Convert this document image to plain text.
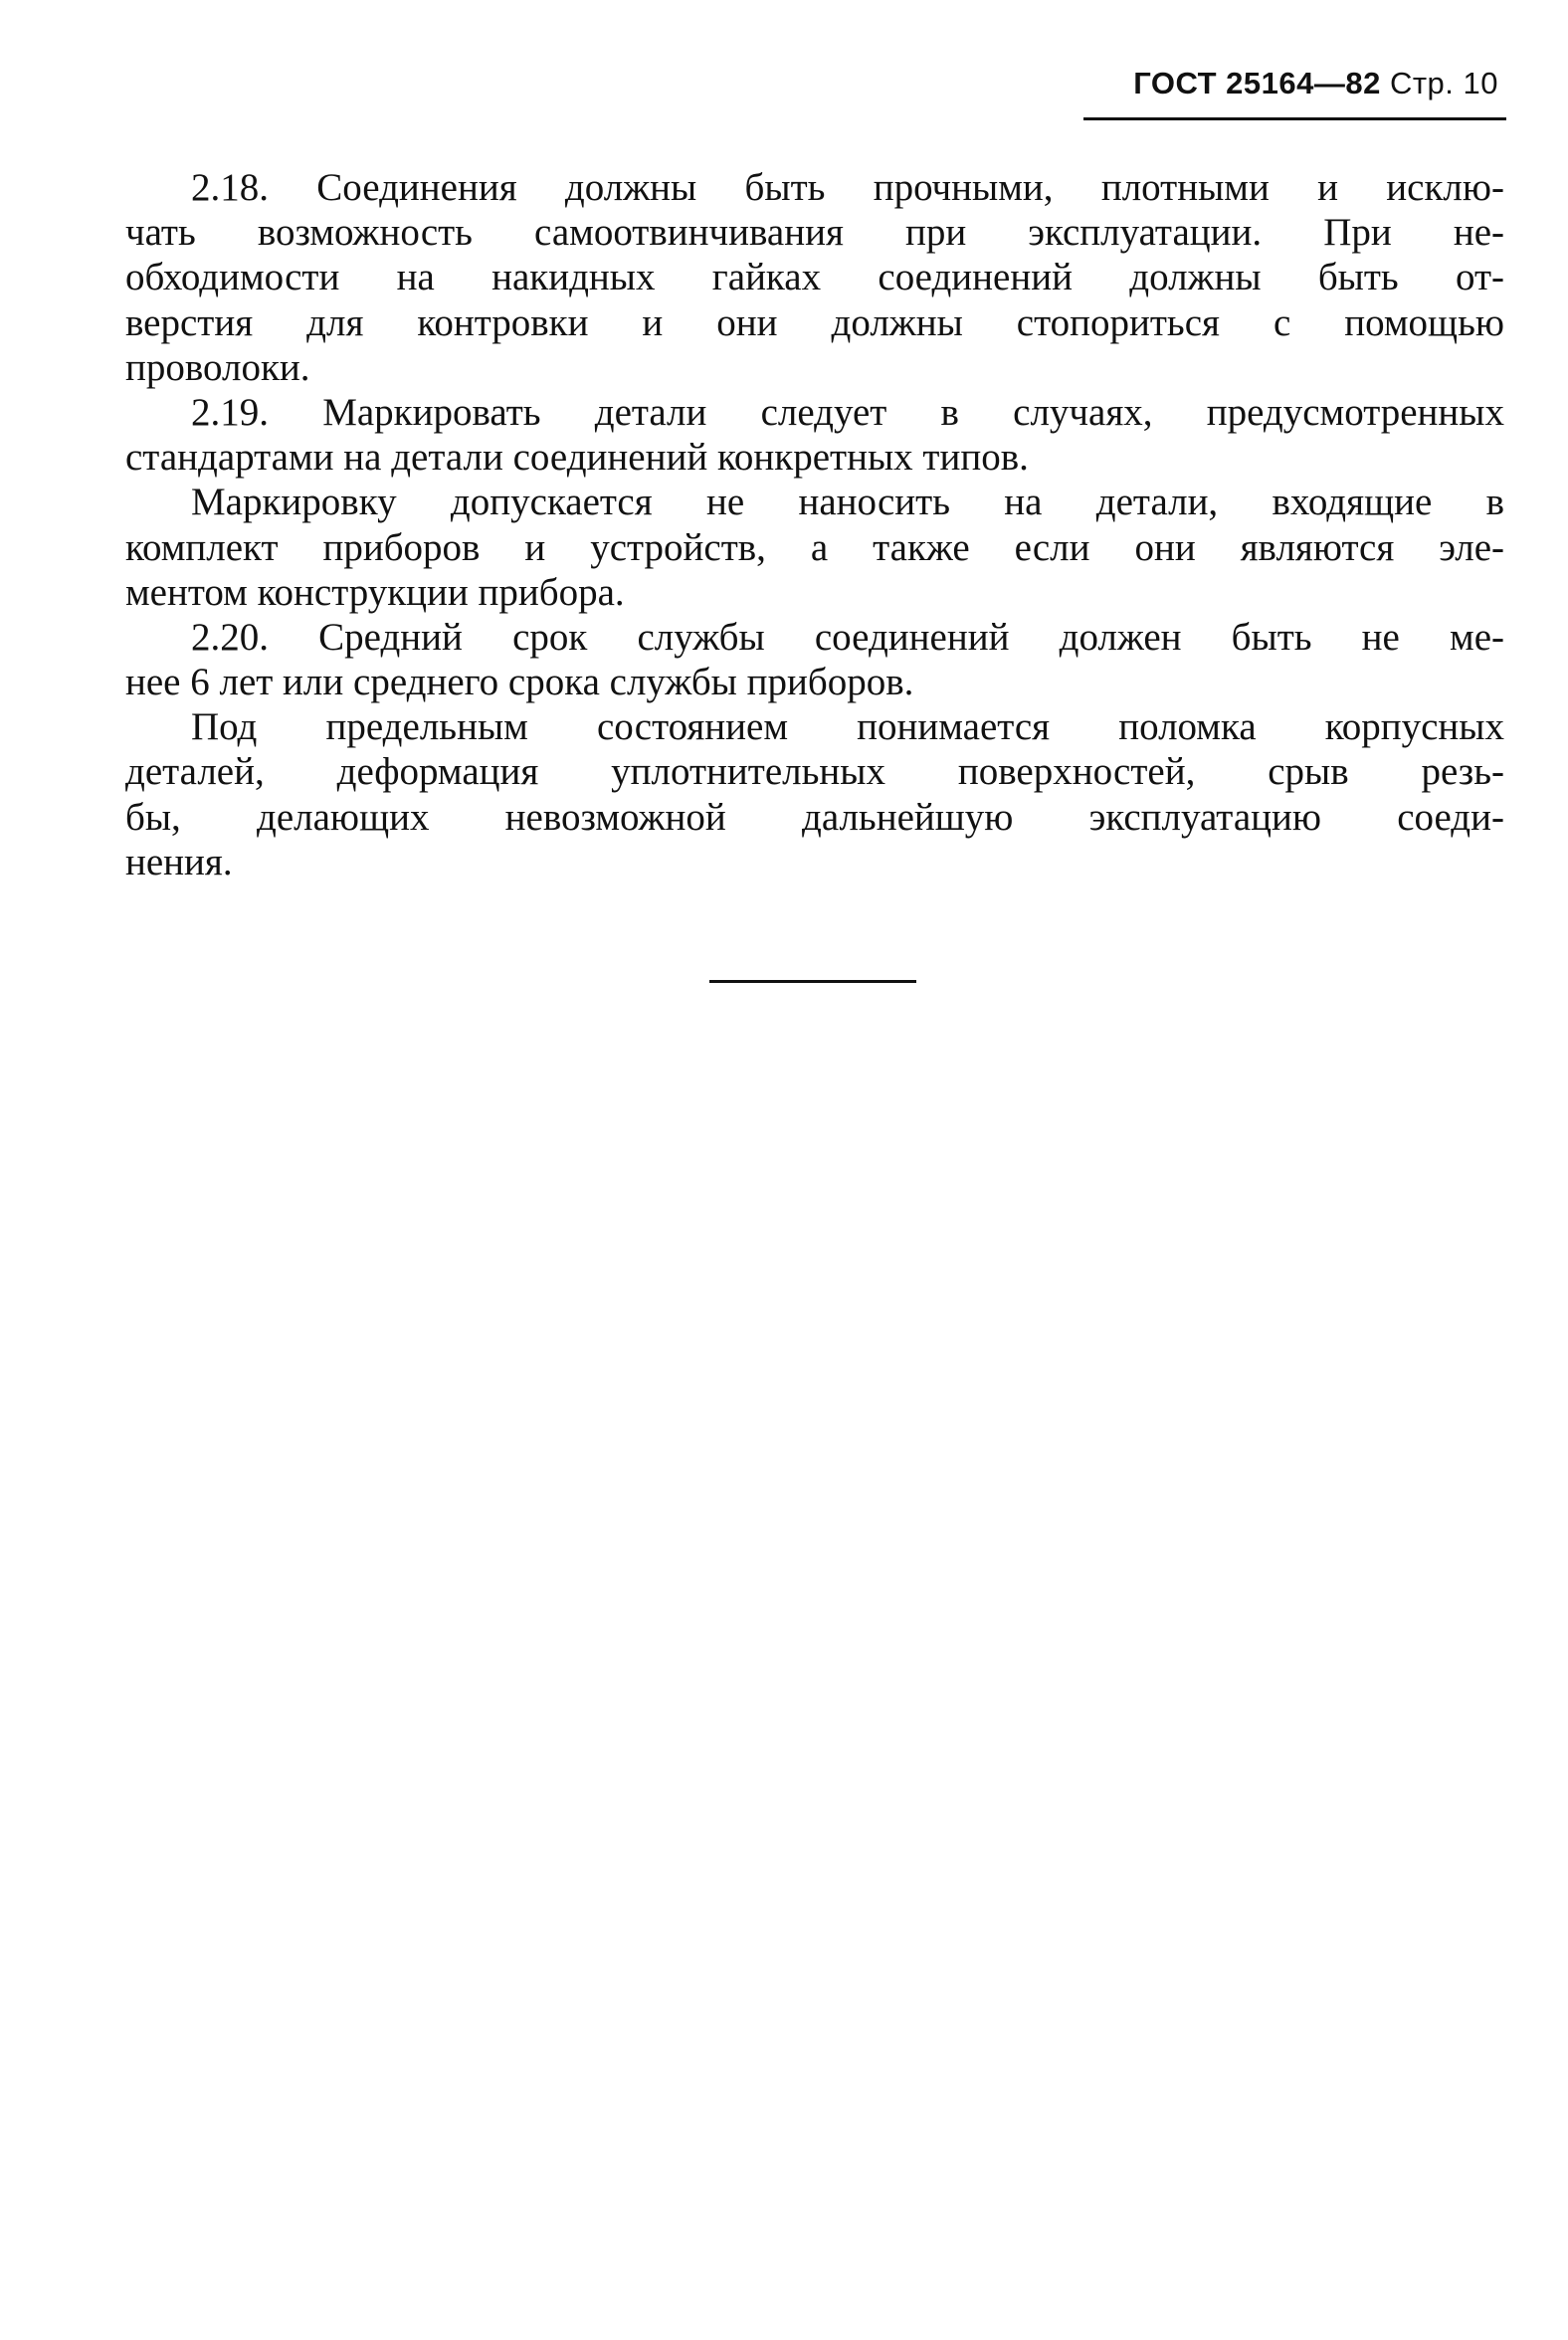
ГОСТ 25164—82 Стр. 10
2.18. Соединения должны быть прочными, плотными и исклю-
чать возможность самоотвинчивания при эксплуатации. При не-
обходимости на накидных гайках соединений должны быть от-
верстия для контровки и они должны стопориться с помощью
проволоки.
2.19. Маркировать детали следует в случаях, предусмотренных
стандартами на детали соединений конкретных типов.
Маркировку допускается не наносить на детали, входящие в
комплект приборов и устройств, а также если они являются эле-
ментом конструкции прибора.
2.20. Средний срок службы соединений должен быть не ме-
нее 6 лет или среднего срока службы приборов.
Под предельным состоянием понимается поломка корпусных
деталей, деформация уплотнительных поверхностей, срыв резь-
бы, делающих невозможной дальнейшую эксплуатацию соеди-
нения.
